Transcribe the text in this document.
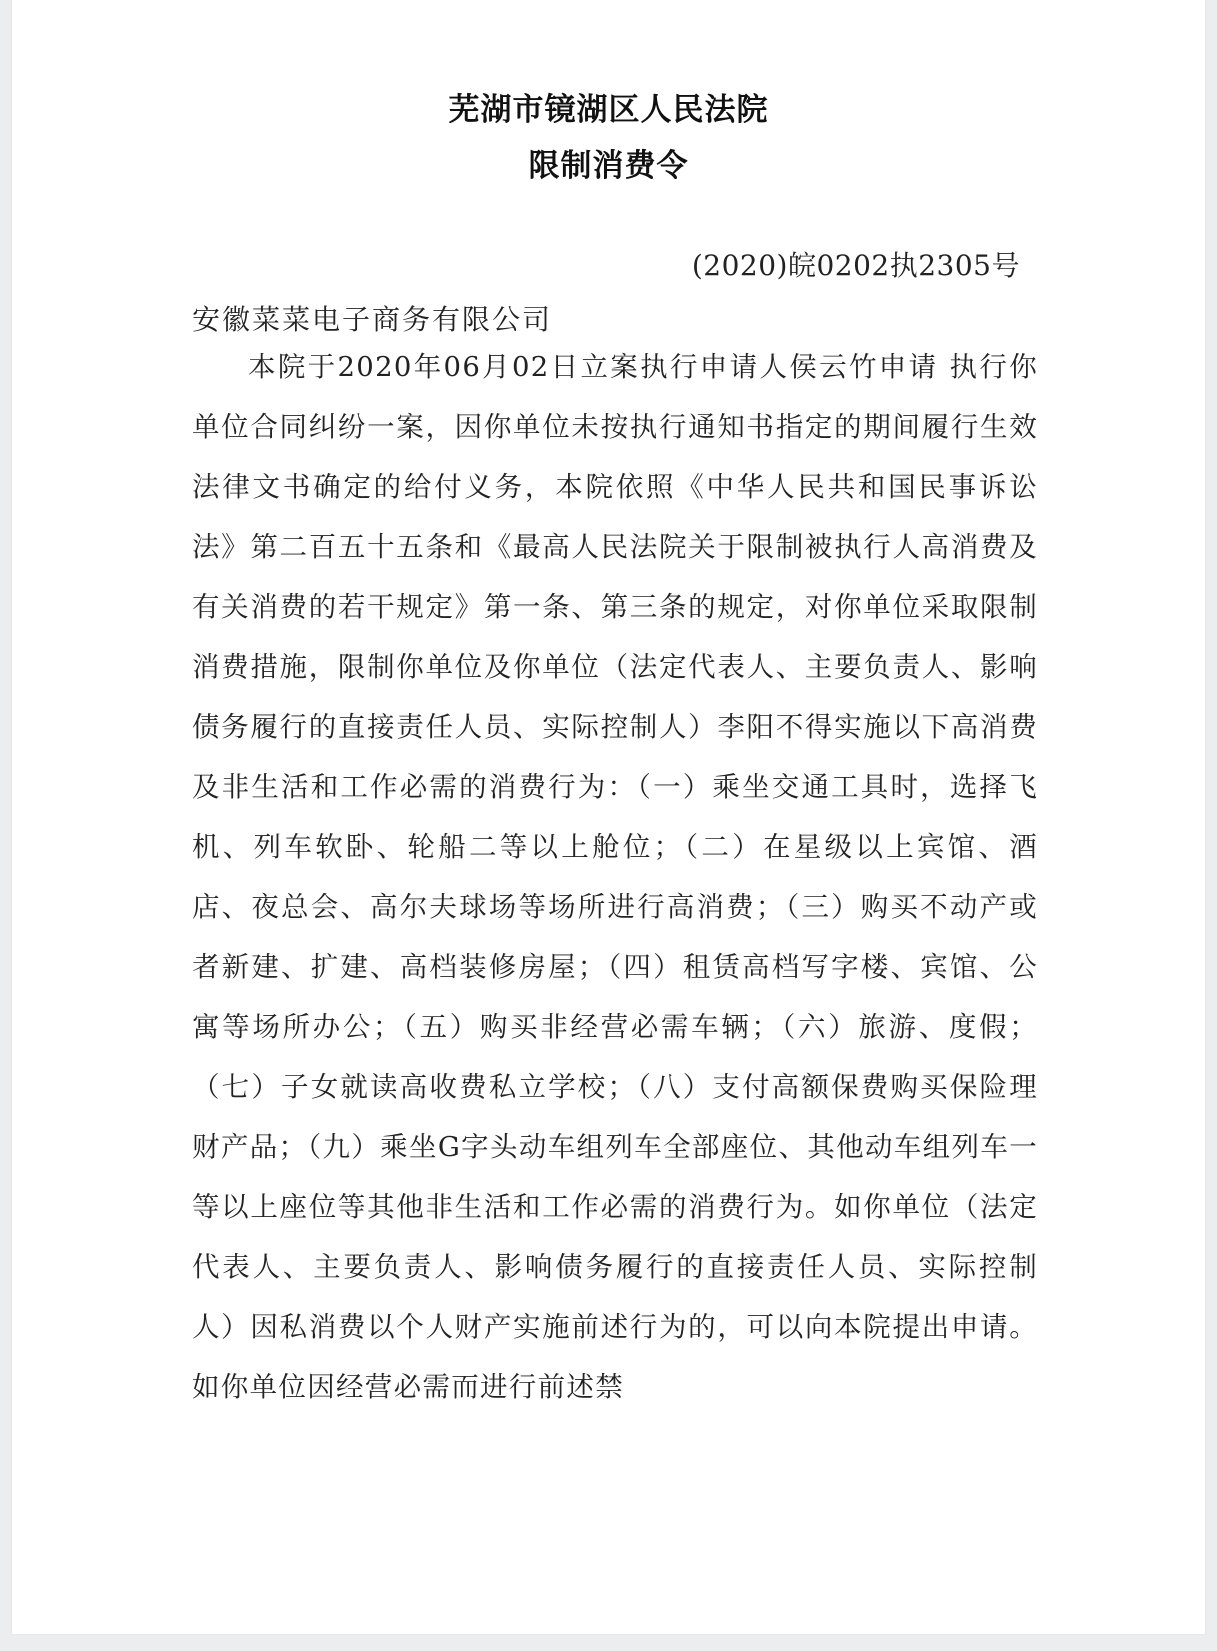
芜湖市镜湖区人民法院
限制消费令
(2020)皖0202执2305号
安徽菜菜电子商务有限公司

本院于2020年06月02日立案执行申请人侯云竹申请 执行你单位合同纠纷一案，因你单位未按执行通知书指定的期间履行生效法律文书确定的给付义务，本院依照《中华人民共和国民事诉讼法》第二百五十五条和《最高人民法院关于限制被执行人高消费及有关消费的若干规定》第一条、第三条的规定，对你单位采取限制消费措施，限制你单位及你单位（法定代表人、主要负责人、影响债务履行的直接责任人员、实际控制人）李阳不得实施以下高消费及非生活和工作必需的消费行为：（一）乘坐交通工具时，选择飞机、列车软卧、轮船二等以上舱位；（二）在星级以上宾馆、酒店、夜总会、高尔夫球场等场所进行高消费；（三）购买不动产或者新建、扩建、高档装修房屋；（四）租赁高档写字楼、宾馆、公寓等场所办公；（五）购买非经营必需车辆；（六）旅游、度假；（七）子女就读高收费私立学校；（八）支付高额保费购买保险理财产品；（九）乘坐G字头动车组列车全部座位、其他动车组列车一等以上座位等其他非生活和工作必需的消费行为。如你单位（法定代表人、主要负责人、影响债务履行的直接责任人员、实际控制人）因私消费以个人财产实施前述行为的，可以向本院提出申请。如你单位因经营必需而进行前述禁
